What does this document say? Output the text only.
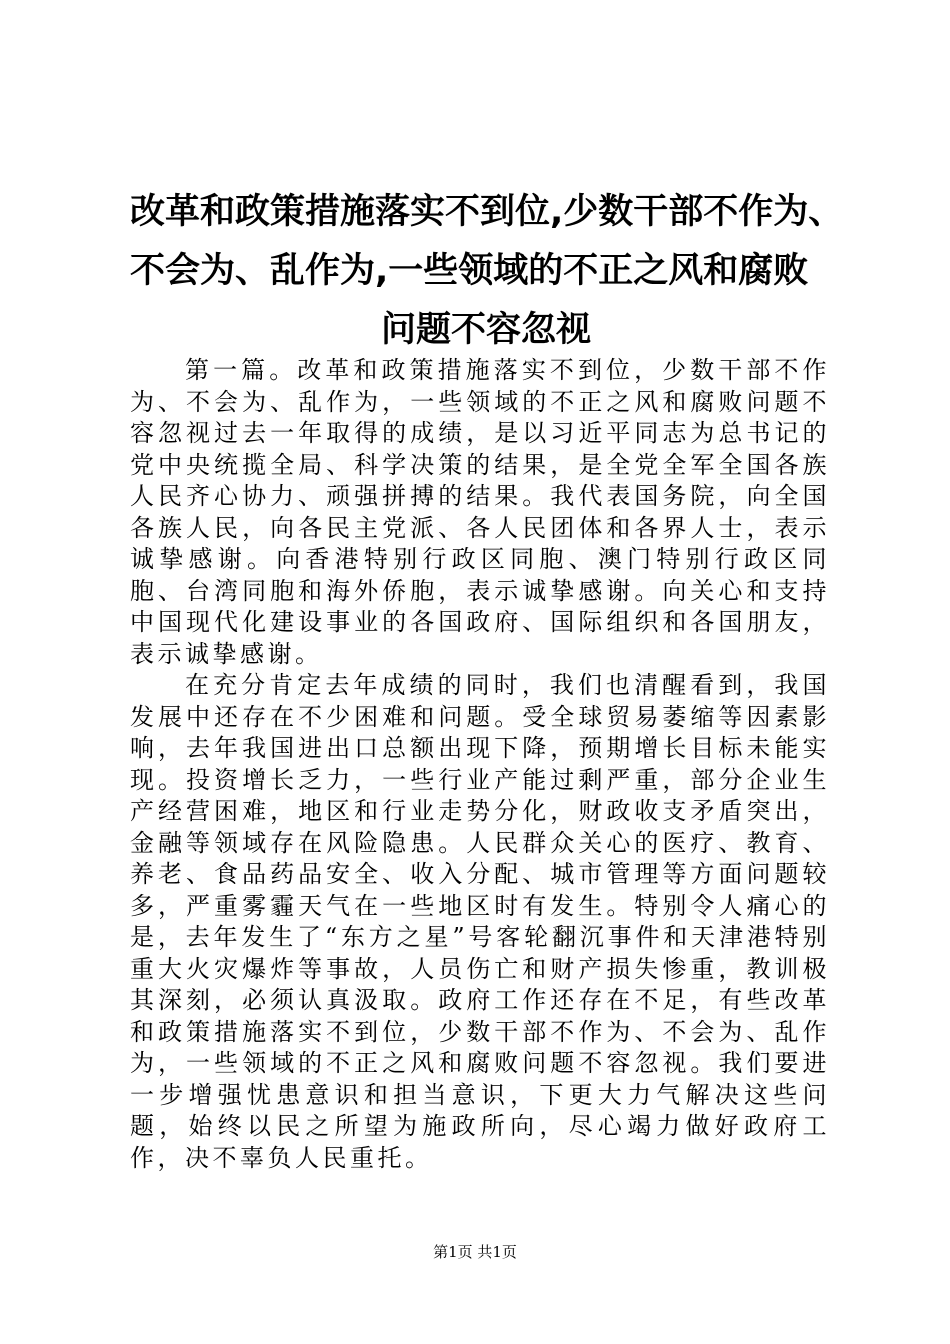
改革和政策措施落实不到位,少数干部不作为、
不会为、乱作为,一些领域的不正之风和腐败
问题不容忽视

第一篇。改革和政策措施落实不到位，少数干部不作为、不会为、乱作为，一些领域的不正之风和腐败问题不容忽视过去一年取得的成绩，是以习近平同志为总书记的党中央统揽全局、科学决策的结果，是全党全军全国各族人民齐心协力、顽强拼搏的结果。我代表国务院，向全国各族人民，向各民主党派、各人民团体和各界人士，表示诚挚感谢。向香港特别行政区同胞、澳门特别行政区同胞、台湾同胞和海外侨胞，表示诚挚感谢。向关心和支持中国现代化建设事业的各国政府、国际组织和各国朋友，表示诚挚感谢。

在充分肯定去年成绩的同时，我们也清醒看到，我国发展中还存在不少困难和问题。受全球贸易萎缩等因素影响，去年我国进出口总额出现下降，预期增长目标未能实现。投资增长乏力，一些行业产能过剩严重，部分企业生产经营困难，地区和行业走势分化，财政收支矛盾突出，金融等领域存在风险隐患。人民群众关心的医疗、教育、养老、食品药品安全、收入分配、城市管理等方面问题较多，严重雾霾天气在一些地区时有发生。特别令人痛心的是，去年发生了“东方之星”号客轮翻沉事件和天津港特别重大火灾爆炸等事故，人员伤亡和财产损失惨重，教训极其深刻，必须认真汲取。政府工作还存在不足，有些改革和政策措施落实不到位，少数干部不作为、不会为、乱作为，一些领域的不正之风和腐败问题不容忽视。我们要进一步增强忧患意识和担当意识，下更大力气解决这些问题，始终以民之所望为施政所向，尽心竭力做好政府工作，决不辜负人民重托。

第1页 共1页
